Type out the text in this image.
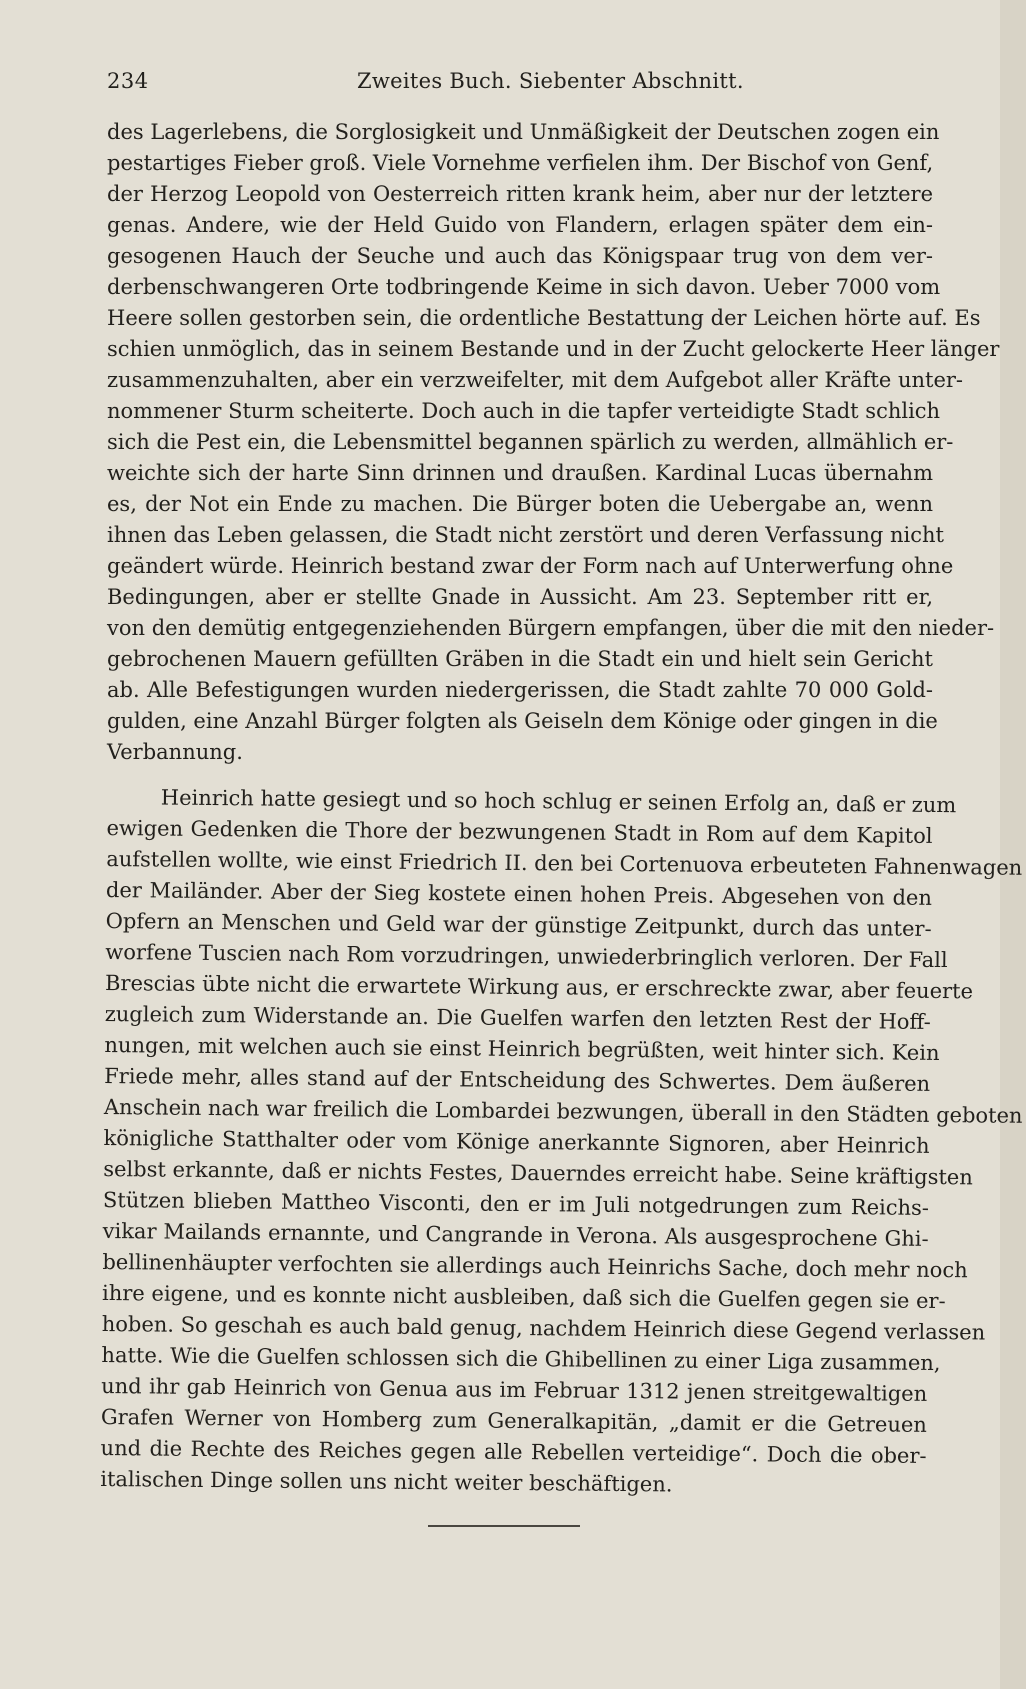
234	Zweites Buch. Siebenter Abschnitt.
des Lagerlebens, die Sorglosigkeit und Unmäßigkeit der Deutschen zogen ein
pestartiges Fieber groß. Viele Vornehme verfielen ihm. Der Bischof von Genf,
der Herzog Leopold von Oesterreich ritten krank heim, aber nur der letztere
genas. Andere, wie der Held Guido von Flandern, erlagen später dem ein-
gesogenen Hauch der Seuche und auch das Königspaar trug von dem ver-
derbenschwangeren Orte todbringende Keime in sich davon. Ueber 7000 vom
Heere sollen gestorben sein, die ordentliche Bestattung der Leichen hörte auf. Es
schien unmöglich, das in seinem Bestande und in der Zucht gelockerte Heer länger
zusammenzuhalten, aber ein verzweifelter, mit dem Aufgebot aller Kräfte unter-
nommener Sturm scheiterte. Doch auch in die tapfer verteidigte Stadt schlich
sich die Pest ein, die Lebensmittel begannen spärlich zu werden, allmählich er-
weichte sich der harte Sinn drinnen und draußen. Kardinal Lucas übernahm
es, der Not ein Ende zu machen. Die Bürger boten die Uebergabe an, wenn
ihnen das Leben gelassen, die Stadt nicht zerstört und deren Verfassung nicht
geändert würde. Heinrich bestand zwar der Form nach auf Unterwerfung ohne
Bedingungen, aber er stellte Gnade in Aussicht. Am 23. September ritt er,
von den demütig entgegenziehenden Bürgern empfangen, über die mit den nieder-
gebrochenen Mauern gefüllten Gräben in die Stadt ein und hielt sein Gericht
ab. Alle Befestigungen wurden niedergerissen, die Stadt zahlte 70 000 Gold-
gulden, eine Anzahl Bürger folgten als Geiseln dem Könige oder gingen in die
Verbannung.
Heinrich hatte gesiegt und so hoch schlug er seinen Erfolg an, daß er zum
ewigen Gedenken die Thore der bezwungenen Stadt in Rom auf dem Kapitol
aufstellen wollte, wie einst Friedrich II. den bei Cortenuova erbeuteten Fahnenwagen
der Mailänder. Aber der Sieg kostete einen hohen Preis. Abgesehen von den
Opfern an Menschen und Geld war der günstige Zeitpunkt, durch das unter-
worfene Tuscien nach Rom vorzudringen, unwiederbringlich verloren. Der Fall
Brescias übte nicht die erwartete Wirkung aus, er erschreckte zwar, aber feuerte
zugleich zum Widerstande an. Die Guelfen warfen den letzten Rest der Hoff-
nungen, mit welchen auch sie einst Heinrich begrüßten, weit hinter sich. Kein
Friede mehr, alles stand auf der Entscheidung des Schwertes. Dem äußeren
Anschein nach war freilich die Lombardei bezwungen, überall in den Städten geboten
königliche Statthalter oder vom Könige anerkannte Signoren, aber Heinrich
selbst erkannte, daß er nichts Festes, Dauerndes erreicht habe. Seine kräftigsten
Stützen blieben Mattheo Visconti, den er im Juli notgedrungen zum Reichs-
vikar Mailands ernannte, und Cangrande in Verona. Als ausgesprochene Ghi-
bellinenhäupter verfochten sie allerdings auch Heinrichs Sache, doch mehr noch
ihre eigene, und es konnte nicht ausbleiben, daß sich die Guelfen gegen sie er-
hoben. So geschah es auch bald genug, nachdem Heinrich diese Gegend verlassen
hatte. Wie die Guelfen schlossen sich die Ghibellinen zu einer Liga zusammen,
und ihr gab Heinrich von Genua aus im Februar 1312 jenen streitgewaltigen
Grafen Werner von Homberg zum Generalkapitän, „damit er die Getreuen
und die Rechte des Reiches gegen alle Rebellen verteidige“. Doch die ober-
italischen Dinge sollen uns nicht weiter beschäftigen.
